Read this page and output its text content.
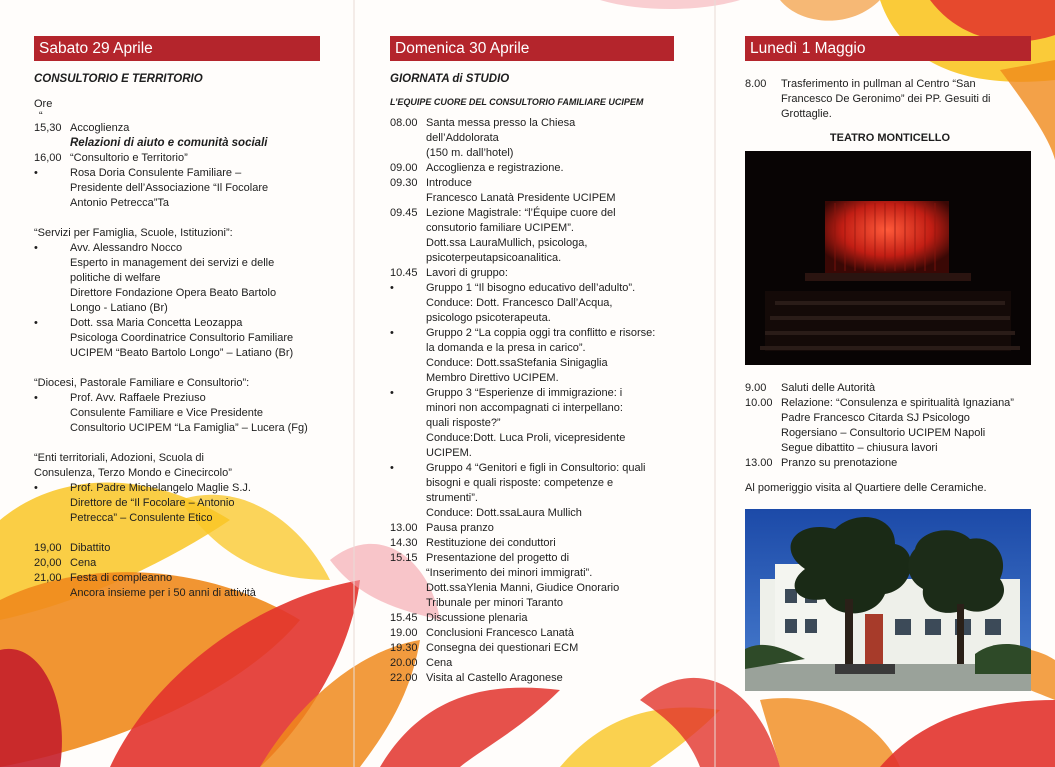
Sabato 29 Aprile
CONSULTORIO E TERRITORIO
Ore
“
15,30 Accoglienza
Relazioni di aiuto e comunità sociali
16,00 “Consultorio e Territorio”
•	Rosa Doria Consulente Familiare –
Presidente dell’Associazione “Il Focolare
Antonio Petrecca”Ta
“Servizi per Famiglia, Scuole, Istituzioni”:
•	Avv. Alessandro Nocco
Esperto in management dei servizi e delle
politiche di welfare
Direttore Fondazione Opera Beato Bartolo
Longo - Latiano (Br)
•	Dott. ssa Maria Concetta Leozappa
Psicologa Coordinatrice Consultorio Familiare
UCIPEM “Beato Bartolo Longo” – Latiano (Br)
“Diocesi, Pastorale Familiare e Consultorio”:
•	Prof. Avv. Raffaele Preziuso
Consulente Familiare e Vice Presidente
Consultorio UCIPEM “La Famiglia” – Lucera (Fg)
“Enti territoriali, Adozioni, Scuola di
Consulenza, Terzo Mondo e Cinecircolo”
•	Prof. Padre Michelangelo Maglie S.J.
Direttore de “Il Focolare – Antonio
Petrecca” – Consulente Etico
19,00 Dibattito
20,00 Cena
21,00 Festa di compleanno
Ancora insieme per i 50 anni di attività
Domenica 30 Aprile
GIORNATA di STUDIO
L’EQUIPE CUORE DEL CONSULTORIO FAMILIARE UCIPEM
08.00 Santa messa presso la Chiesa
dell’Addolorata
(150 m. dall’hotel)
09.00 Accoglienza e registrazione.
09.30 Introduce
Francesco Lanatà Presidente UCIPEM
09.45 Lezione Magistrale: “l’Équipe cuore del
consutorio familiare UCIPEM”.
Dott.ssa LauraMullich, psicologa,
psicoterpeutapsicoanalitica.
10.45 Lavori di gruppo:
•	Gruppo 1 “Il bisogno educativo dell’adulto”.
Conduce: Dott. Francesco Dall’Acqua,
psicologo psicoterapeuta.
•	Gruppo 2 “La coppia oggi tra conflitto e risorse:
la domanda e la presa in carico”.
Conduce: Dott.ssaStefania Sinigaglia
Membro Direttivo UCIPEM.
•	Gruppo 3 “Esperienze di immigrazione: i
minori non accompagnati ci interpellano:
quali risposte?”
Conduce:Dott. Luca Proli, vicepresidente
UCIPEM.
•	Gruppo 4 “Genitori e figli in Consultorio: quali
bisogni e quali risposte: competenze e
strumenti”.
Conduce: Dott.ssaLaura Mullich
13.00 Pausa pranzo
14.30 Restituzione dei conduttori
15.15 Presentazione del progetto di
“Inserimento dei minori immigrati”.
Dott.ssaYlenia Manni, Giudice Onorario
Tribunale per minori Taranto
15.45 Discussione plenaria
19.00 Conclusioni Francesco Lanatà
19.30 Consegna dei questionari ECM
20.00 Cena
22.00 Visita al Castello Aragonese
Lunedì 1 Maggio
8.00	Trasferimento in pullman al Centro “San
Francesco De Geronimo” dei PP. Gesuiti di
Grottaglie.
TEATRO MONTICELLO
9.00	Saluti delle Autorità
10.00 Relazione: “Consulenza e spiritualità Ignaziana”
Padre Francesco Citarda SJ Psicologo
Rogersiano – Consultorio UCIPEM Napoli
Segue dibattito – chiusura lavori
13.00 Pranzo su prenotazione
Al pomeriggio visita al Quartiere delle Ceramiche.
